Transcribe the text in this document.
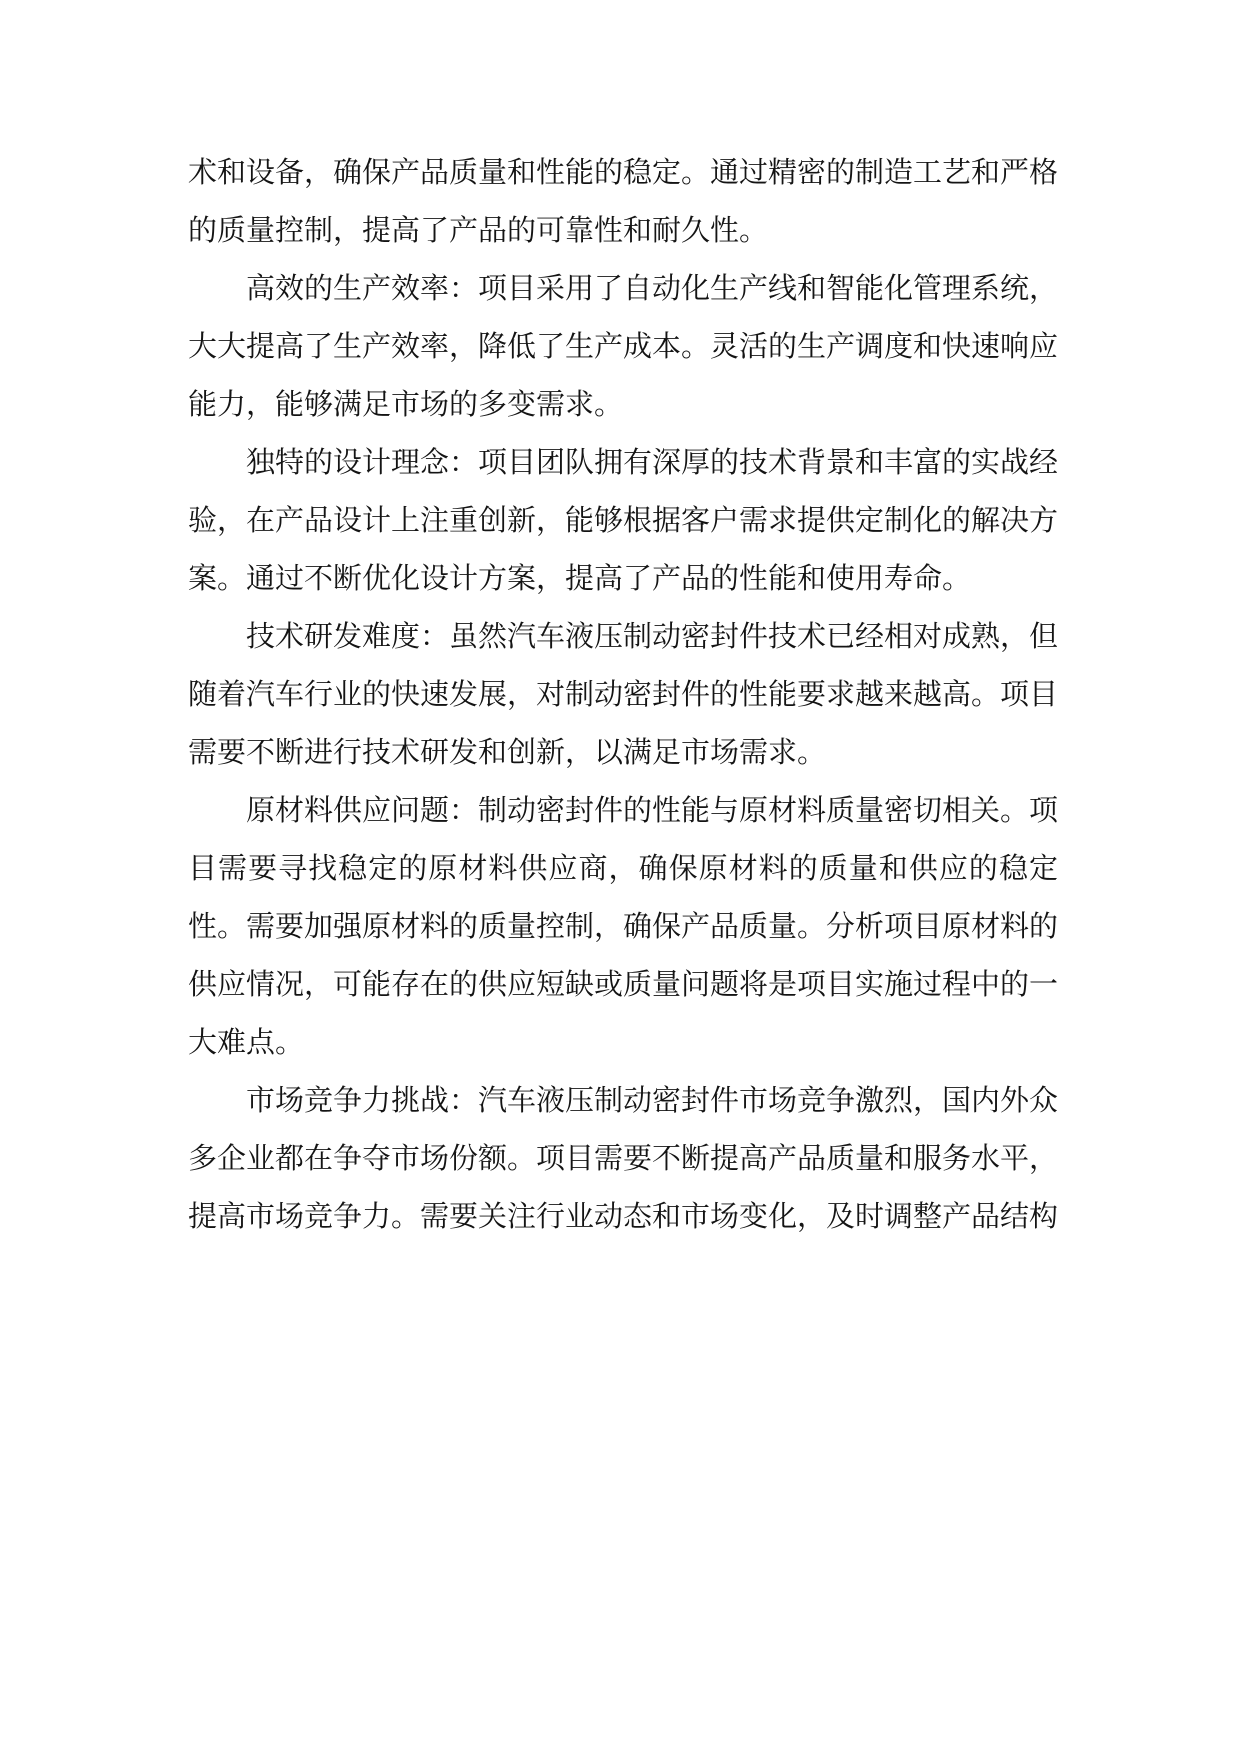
术和设备，确保产品质量和性能的稳定。通过精密的制造工艺和严格的质量控制，提高了产品的可靠性和耐久性。

高效的生产效率：项目采用了自动化生产线和智能化管理系统，大大提高了生产效率，降低了生产成本。灵活的生产调度和快速响应能力，能够满足市场的多变需求。

独特的设计理念：项目团队拥有深厚的技术背景和丰富的实战经验，在产品设计上注重创新，能够根据客户需求提供定制化的解决方案。通过不断优化设计方案，提高了产品的性能和使用寿命。

技术研发难度：虽然汽车液压制动密封件技术已经相对成熟，但随着汽车行业的快速发展，对制动密封件的性能要求越来越高。项目需要不断进行技术研发和创新，以满足市场需求。

原材料供应问题：制动密封件的性能与原材料质量密切相关。项目需要寻找稳定的原材料供应商，确保原材料的质量和供应的稳定性。需要加强原材料的质量控制，确保产品质量。分析项目原材料的供应情况，可能存在的供应短缺或质量问题将是项目实施过程中的一大难点。

市场竞争力挑战：汽车液压制动密封件市场竞争激烈，国内外众多企业都在争夺市场份额。项目需要不断提高产品质量和服务水平，提高市场竞争力。需要关注行业动态和市场变化，及时调整产品结构
